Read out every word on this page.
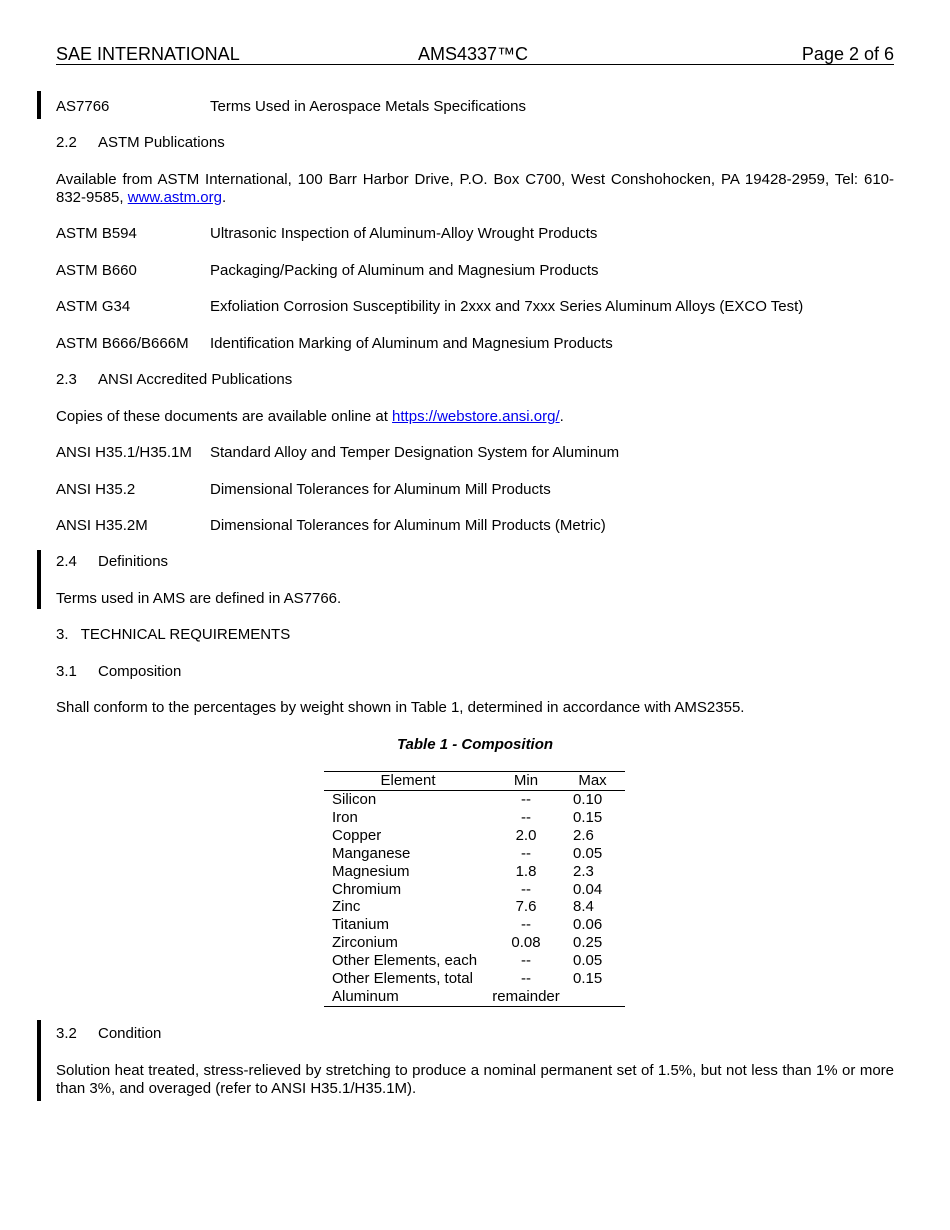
SAE INTERNATIONAL	AMS4337™C	Page 2 of 6
AS7766	Terms Used in Aerospace Metals Specifications
2.2 ASTM Publications
Available from ASTM International, 100 Barr Harbor Drive, P.O. Box C700, West Conshohocken, PA 19428-2959, Tel: 610-832-9585, www.astm.org.
ASTM B594	Ultrasonic Inspection of Aluminum-Alloy Wrought Products
ASTM B660	Packaging/Packing of Aluminum and Magnesium Products
ASTM G34	Exfoliation Corrosion Susceptibility in 2xxx and 7xxx Series Aluminum Alloys (EXCO Test)
ASTM B666/B666M Identification Marking of Aluminum and Magnesium Products
2.3 ANSI Accredited Publications
Copies of these documents are available online at https://webstore.ansi.org/.
ANSI H35.1/H35.1M Standard Alloy and Temper Designation System for Aluminum
ANSI H35.2	Dimensional Tolerances for Aluminum Mill Products
ANSI H35.2M	Dimensional Tolerances for Aluminum Mill Products (Metric)
2.4 Definitions
Terms used in AMS are defined in AS7766.
3.   TECHNICAL REQUIREMENTS
3.1 Composition
Shall conform to the percentages by weight shown in Table 1, determined in accordance with AMS2355.
Table 1 - Composition
Element	Min	Max
Silicon	--	0.10
Iron	--	0.15
Copper	2.0	2.6
Manganese	--	0.05
Magnesium	1.8	2.3
Chromium	--	0.04
Zinc	7.6	8.4
Titanium	--	0.06
Zirconium	0.08	0.25
Other Elements, each	--	0.05
Other Elements, total	--	0.15
Aluminum	remainder	
3.2 Condition
Solution heat treated, stress-relieved by stretching to produce a nominal permanent set of 1.5%, but not less than 1% or more than 3%, and overaged (refer to ANSI H35.1/H35.1M).
